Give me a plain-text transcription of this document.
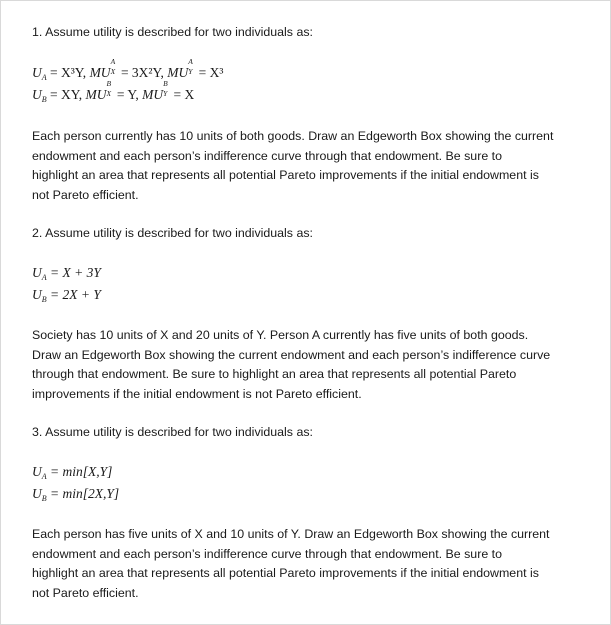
1. Assume utility is described for two individuals as:
$U_A = X^3Y$, MU
A
X = 3X²Y, MU
A
Y = X³
$U_B$ = XY, MU
B
X = Y, MU
B
Y = X
Each person currently has 10 units of both goods. Draw an Edgeworth Box showing the current
endowment and each person’s indifference curve through that endowment. Be sure to
highlight an area that represents all potential Pareto improvements if the initial endowment is
not Pareto efficient.
2. Assume utility is described for two individuals as:
$U_A = X + 3Y$
$U_B = 2X + Y$
Society has 10 units of X and 20 units of Y. Person A currently has five units of both goods.
Draw an Edgeworth Box showing the current endowment and each person’s indifference curve
through that endowment. Be sure to highlight an area that represents all potential Pareto
improvements if the initial endowment is not Pareto efficient.
3. Assume utility is described for two individuals as:
$U_A = \min[X,Y]$
$U_B = \min[2X,Y]$
Each person has five units of X and 10 units of Y. Draw an Edgeworth Box showing the current
endowment and each person’s indifference curve through that endowment. Be sure to
highlight an area that represents all potential Pareto improvements if the initial endowment is
not Pareto efficient.
